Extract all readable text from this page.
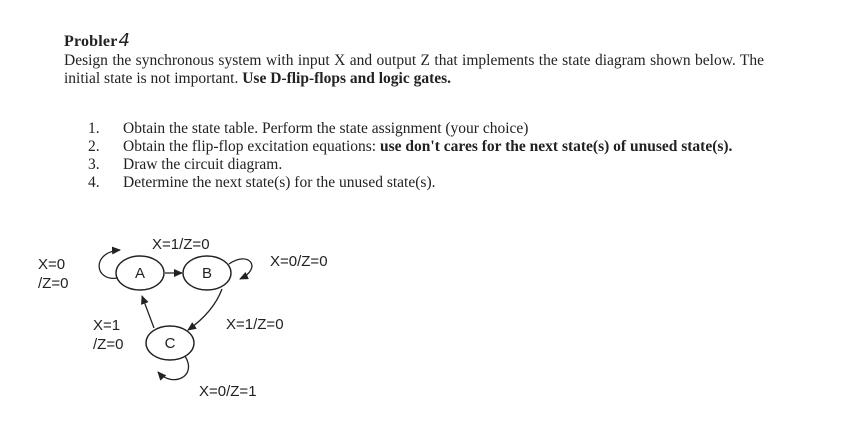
Probler4
Design the synchronous system with input X and output Z that implements the state diagram shown below. The initial state is not important. Use D-flip-flops and logic gates.
1. Obtain the state table. Perform the state assignment (your choice)
2. Obtain the flip-flop excitation equations: use don't cares for the next state(s) of unused state(s).
3. Draw the circuit diagram.
4. Determine the next state(s) for the unused state(s).
A	B
C
X=0
/Z=0
X=1/Z=0
X=0/Z=0
X=1
/Z=0
X=1/Z=0
X=0/Z=1
